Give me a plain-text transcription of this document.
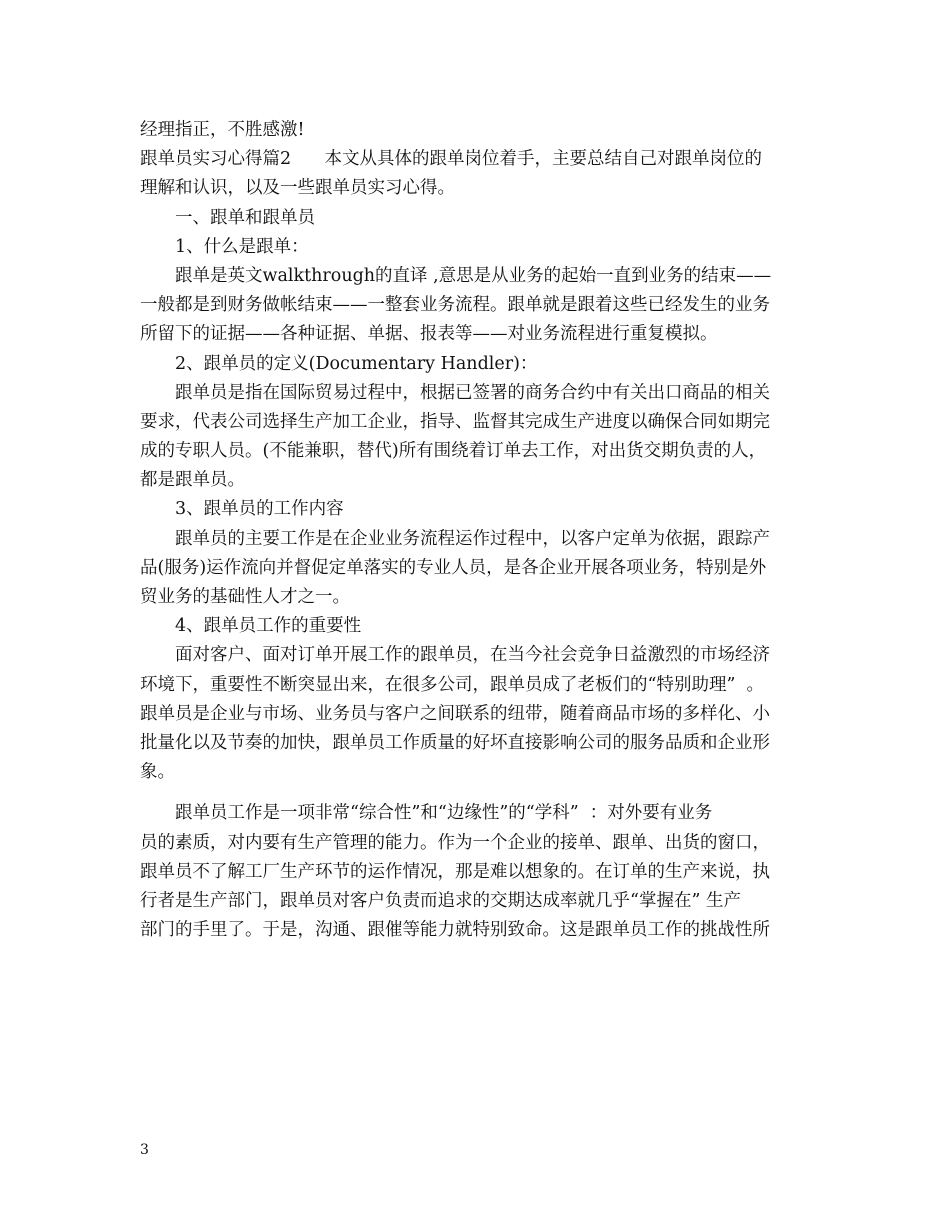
经理指正，不胜感激!
跟单员实习心得篇2      本文从具体的跟单岗位着手，主要总结自己对跟单岗位的
理解和认识，以及一些跟单员实习心得。
一、跟单和跟单员
1、什么是跟单：
跟单是英文walkthrough的直译 ,意思是从业务的起始一直到业务的结束——
一般都是到财务做帐结束——一整套业务流程。跟单就是跟着这些已经发生的业务
所留下的证据——各种证据、单据、报表等——对业务流程进行重复模拟。
2、跟单员的定义(Documentary Handler)：
跟单员是指在国际贸易过程中，根据已签署的商务合约中有关出口商品的相关
要求，代表公司选择生产加工企业，指导、监督其完成生产进度以确保合同如期完
成的专职人员。(不能兼职，替代)所有围绕着订单去工作，对出货交期负责的人，
都是跟单员。
3、跟单员的工作内容
跟单员的主要工作是在企业业务流程运作过程中，以客户定单为依据，跟踪产
品(服务)运作流向并督促定单落实的专业人员，是各企业开展各项业务，特别是外
贸业务的基础性人才之一。
4、跟单员工作的重要性
面对客户、面对订单开展工作的跟单员，在当今社会竞争日益激烈的市场经济
环境下，重要性不断突显出来，在很多公司，跟单员成了老板们的“特别助理”  。
跟单员是企业与市场、业务员与客户之间联系的纽带，随着商品市场的多样化、小
批量化以及节奏的加快，跟单员工作质量的好坏直接影响公司的服务品质和企业形
象。
跟单员工作是一项非常“综合性”和“边缘性”的“学科”  ：对外要有业务
员的素质，对内要有生产管理的能力。作为一个企业的接单、跟单、出货的窗口，
跟单员不了解工厂生产环节的运作情况，那是难以想象的。在订单的生产来说，执
行者是生产部门，跟单员对客户负责而追求的交期达成率就几乎“掌握在” 生产
部门的手里了。于是，沟通、跟催等能力就特别致命。这是跟单员工作的挑战性所
3
